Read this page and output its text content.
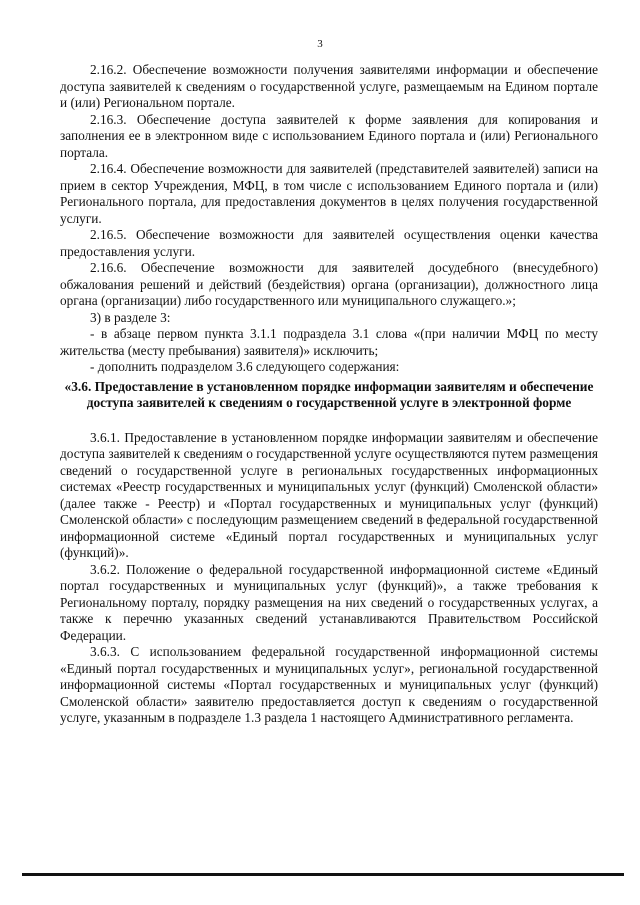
3

2.16.2. Обеспечение возможности получения заявителями информации и обеспечение доступа заявителей к сведениям о государственной услуге, размещаемым на Едином портале и (или) Региональном портале.

2.16.3. Обеспечение доступа заявителей к форме заявления для копирования и заполнения ее в электронном виде с использованием Единого портала и (или) Регионального портала.

2.16.4. Обеспечение возможности для заявителей (представителей заявителей) записи на прием в сектор Учреждения, МФЦ, в том числе с использованием Единого портала и (или) Регионального портала, для предоставления документов в целях получения государственной услуги.

2.16.5. Обеспечение возможности для заявителей осуществления оценки качества предоставления услуги.

2.16.6. Обеспечение возможности для заявителей досудебного (внесудебного) обжалования решений и действий (бездействия) органа (организации), должностного лица органа (организации) либо государственного или муниципального служащего.»;

3) в разделе 3:

- в абзаце первом пункта 3.1.1 подраздела 3.1 слова «(при наличии МФЦ по месту жительства (месту пребывания) заявителя)» исключить;

- дополнить подразделом 3.6 следующего содержания:

«3.6. Предоставление в установленном порядке информации заявителям и обеспечение доступа заявителей к сведениям о государственной услуге в электронной форме

3.6.1. Предоставление в установленном порядке информации заявителям и обеспечение доступа заявителей к сведениям о государственной услуге осуществляются путем размещения сведений о государственной услуге в региональных государственных информационных системах «Реестр государственных и муниципальных услуг (функций) Смоленской области» (далее также - Реестр) и «Портал государственных и муниципальных услуг (функций) Смоленской области» с последующим размещением сведений в федеральной государственной информационной системе «Единый портал государственных и муниципальных услуг (функций)».

3.6.2. Положение о федеральной государственной информационной системе «Единый портал государственных и муниципальных услуг (функций)», а также требования к Региональному порталу, порядку размещения на них сведений о государственных услугах, а также к перечню указанных сведений устанавливаются Правительством Российской Федерации.

3.6.3. С использованием федеральной государственной информационной системы «Единый портал государственных и муниципальных услуг», региональной государственной информационной системы «Портал государственных и муниципальных услуг (функций) Смоленской области» заявителю предоставляется доступ к сведениям о государственной услуге, указанным в подразделе 1.3 раздела 1 настоящего Административного регламента.
